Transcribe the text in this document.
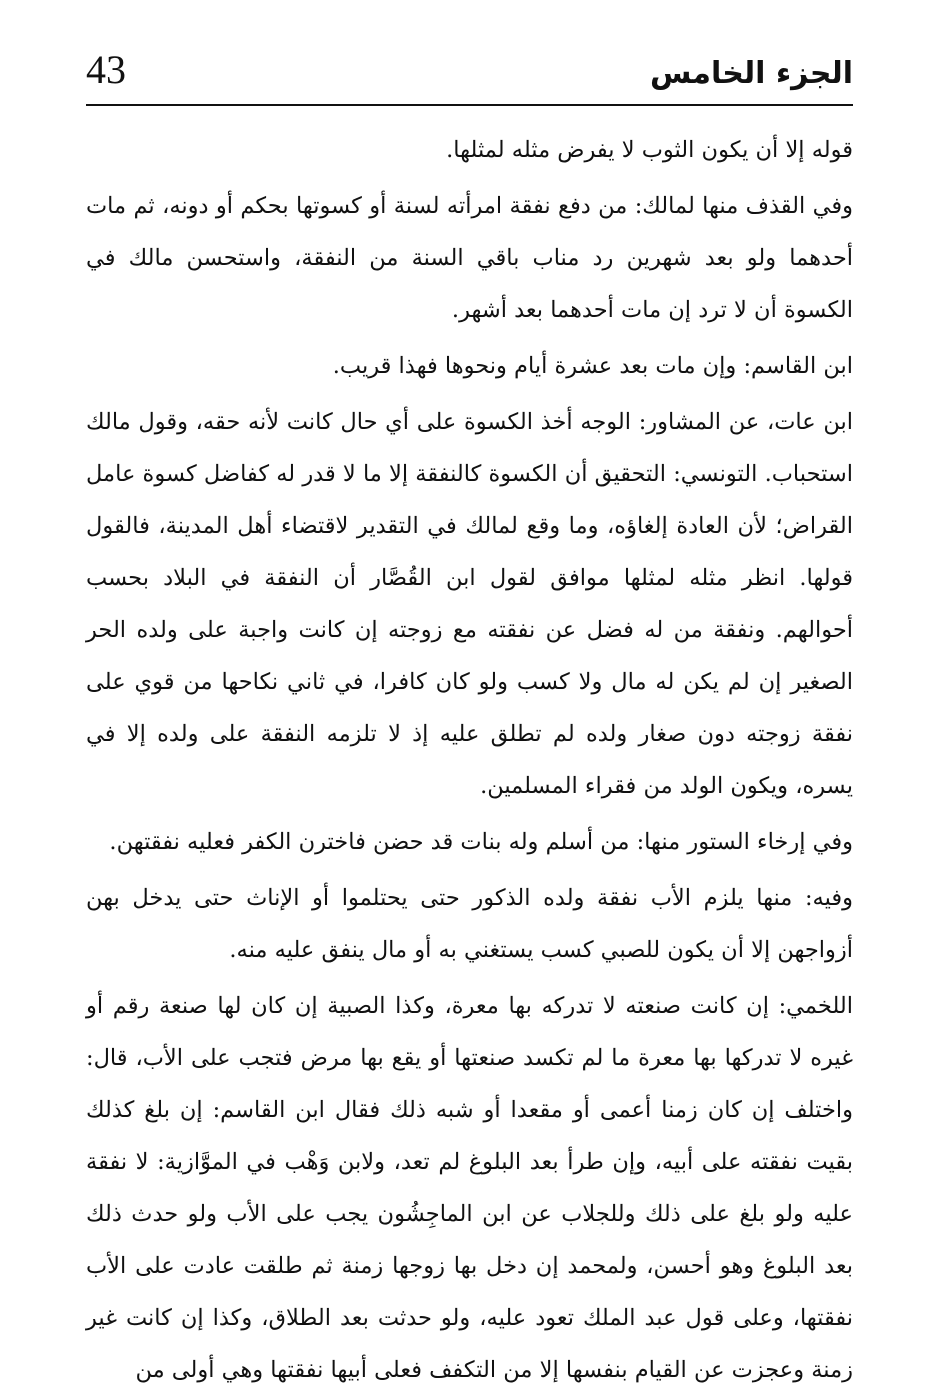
43	الجزء الخامس

قوله إلا أن يكون الثوب لا يفرض مثله لمثلها.

وفي القذف منها لمالك: من دفع نفقة امرأته لسنة أو كسوتها بحكم أو دونه، ثم مات أحدهما ولو بعد شهرين رد مناب باقي السنة من النفقة، واستحسن مالك في الكسوة أن لا ترد إن مات أحدهما بعد أشهر.

ابن القاسم: وإن مات بعد عشرة أيام ونحوها فهذا قريب.

ابن عات، عن المشاور: الوجه أخذ الكسوة على أي حال كانت لأنه حقه، وقول مالك استحباب. التونسي: التحقيق أن الكسوة كالنفقة إلا ما لا قدر له كفاضل كسوة عامل القراض؛ لأن العادة إلغاؤه، وما وقع لمالك في التقدير لاقتضاء أهل المدينة، فالقول قولها. انظر مثله لمثلها موافق لقول ابن القُصَّار أن النفقة في البلاد بحسب أحوالهم. ونفقة من له فضل عن نفقته مع زوجته إن كانت واجبة على ولده الحر الصغير إن لم يكن له مال ولا كسب ولو كان كافرا، في ثاني نكاحها من قوي على نفقة زوجته دون صغار ولده لم تطلق عليه إذ لا تلزمه النفقة على ولده إلا في يسره، ويكون الولد من فقراء المسلمين.

وفي إرخاء الستور منها: من أسلم وله بنات قد حضن فاخترن الكفر فعليه نفقتهن.

وفيه: منها يلزم الأب نفقة ولده الذكور حتى يحتلموا أو الإناث حتى يدخل بهن أزواجهن إلا أن يكون للصبي كسب يستغني به أو مال ينفق عليه منه.

اللخمي: إن كانت صنعته لا تدركه بها معرة، وكذا الصبية إن كان لها صنعة رقم أو غيره لا تدركها بها معرة ما لم تكسد صنعتها أو يقع بها مرض فتجب على الأب، قال: واختلف إن كان زمنا أعمى أو مقعدا أو شبه ذلك فقال ابن القاسم: إن بلغ كذلك بقيت نفقته على أبيه، وإن طرأ بعد البلوغ لم تعد، ولابن وَهْب في الموَّازية: لا نفقة عليه ولو بلغ على ذلك وللجلاب عن ابن الماجِشُون يجب على الأب ولو حدث ذلك بعد البلوغ وهو أحسن، ولمحمد إن دخل بها زوجها زمنة ثم طلقت عادت على الأب نفقتها، وعلى قول عبد الملك تعود عليه، ولو حدثت بعد الطلاق، وكذا إن كانت غير زمنة وعجزت عن القيام بنفسها إلا من التكفف فعلى أبيها نفقتها وهي أولى من
